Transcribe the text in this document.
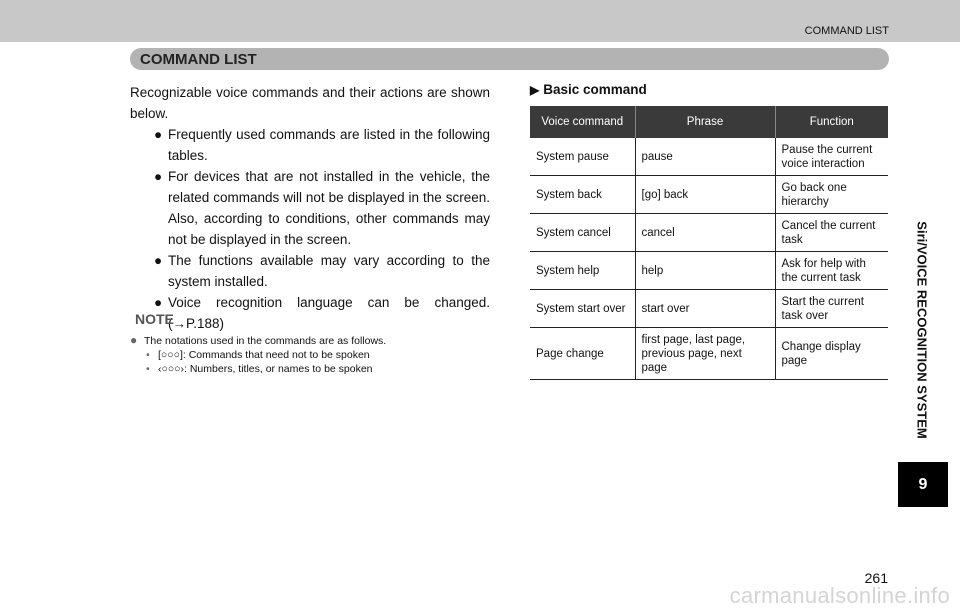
COMMAND LIST
COMMAND LIST

Recognizable voice commands and their actions are shown below.

● Frequently used commands are listed in the following tables.
● For devices that are not installed in the vehicle, the related commands will not be displayed in the screen. Also, according to conditions, other commands may not be displayed in the screen.
● The functions available may vary according to the system installed.
● Voice recognition language can be changed. (→P.188)
NOTE
● The notations used in the commands are as follows.
• [○○○]: Commands that need not to be spoken
• ‹○○○›: Numbers, titles, or names to be spoken
▶ Basic command
Voice command	Phrase	Function
System pause	pause	Pause the current voice interaction
System back	[go] back	Go back one hierarchy
System cancel	cancel	Cancel the current task
System help	help	Ask for help with the current task
System start over	start over	Start the current task over
Page change	first page, last page, previous page, next page	Change display page	Siri/VOICE RECOGNITION SYSTEM
9
261
carmanualsonline.info
